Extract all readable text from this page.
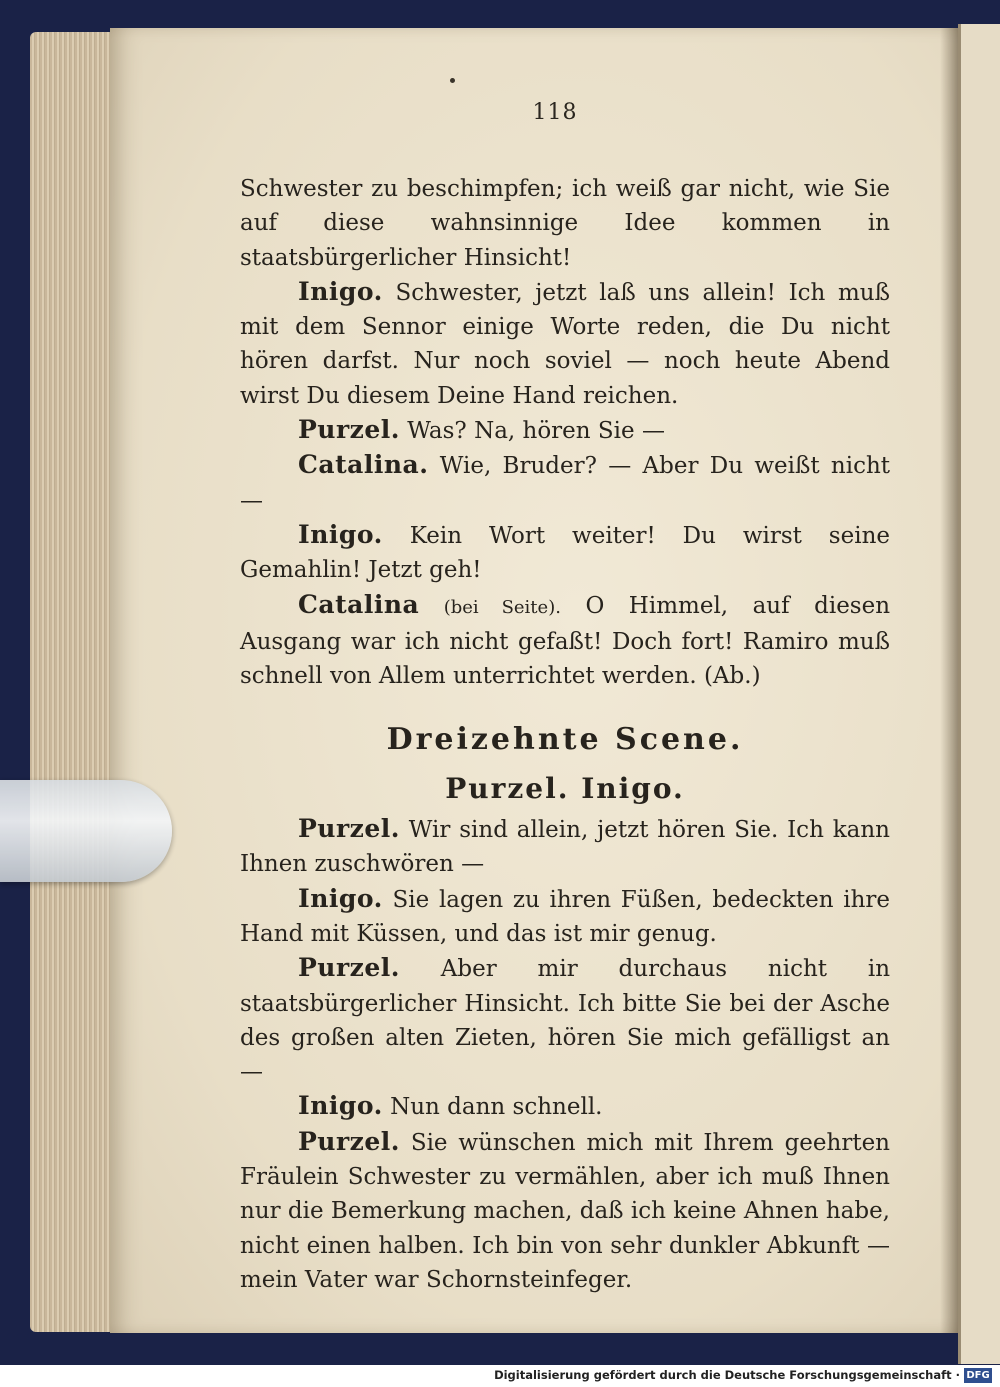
118

Schwester zu beschimpfen; ich weiß gar nicht, wie Sie auf diese wahnsinnige Idee kommen in staatsbürgerlicher Hinsicht!

Inigo. Schwester, jetzt laß uns allein! Ich muß mit dem Sennor einige Worte reden, die Du nicht hören darfst. Nur noch soviel — noch heute Abend wirst Du diesem Deine Hand reichen.

Purzel. Was? Na, hören Sie —

Catalina. Wie, Bruder? — Aber Du weißt nicht —

Inigo. Kein Wort weiter! Du wirst seine Gemahlin! Jetzt geh!

Catalina (bei Seite). O Himmel, auf diesen Ausgang war ich nicht gefaßt! Doch fort! Ramiro muß schnell von Allem unterrichtet werden. (Ab.)

Dreizehnte Scene.
Purzel. Inigo.

Purzel. Wir sind allein, jetzt hören Sie. Ich kann Ihnen zuschwören —

Inigo. Sie lagen zu ihren Füßen, bedeckten ihre Hand mit Küssen, und das ist mir genug.

Purzel. Aber mir durchaus nicht in staatsbürgerlicher Hinsicht. Ich bitte Sie bei der Asche des großen alten Zieten, hören Sie mich gefälligst an —

Inigo. Nun dann schnell.

Purzel. Sie wünschen mich mit Ihrem geehrten Fräulein Schwester zu vermählen, aber ich muß Ihnen nur die Bemerkung machen, daß ich keine Ahnen habe, nicht einen halben. Ich bin von sehr dunkler Abkunft — mein Vater war Schornsteinfeger.

Digitalisierung gefördert durch die Deutsche Forschungsgemeinschaft · DFG
